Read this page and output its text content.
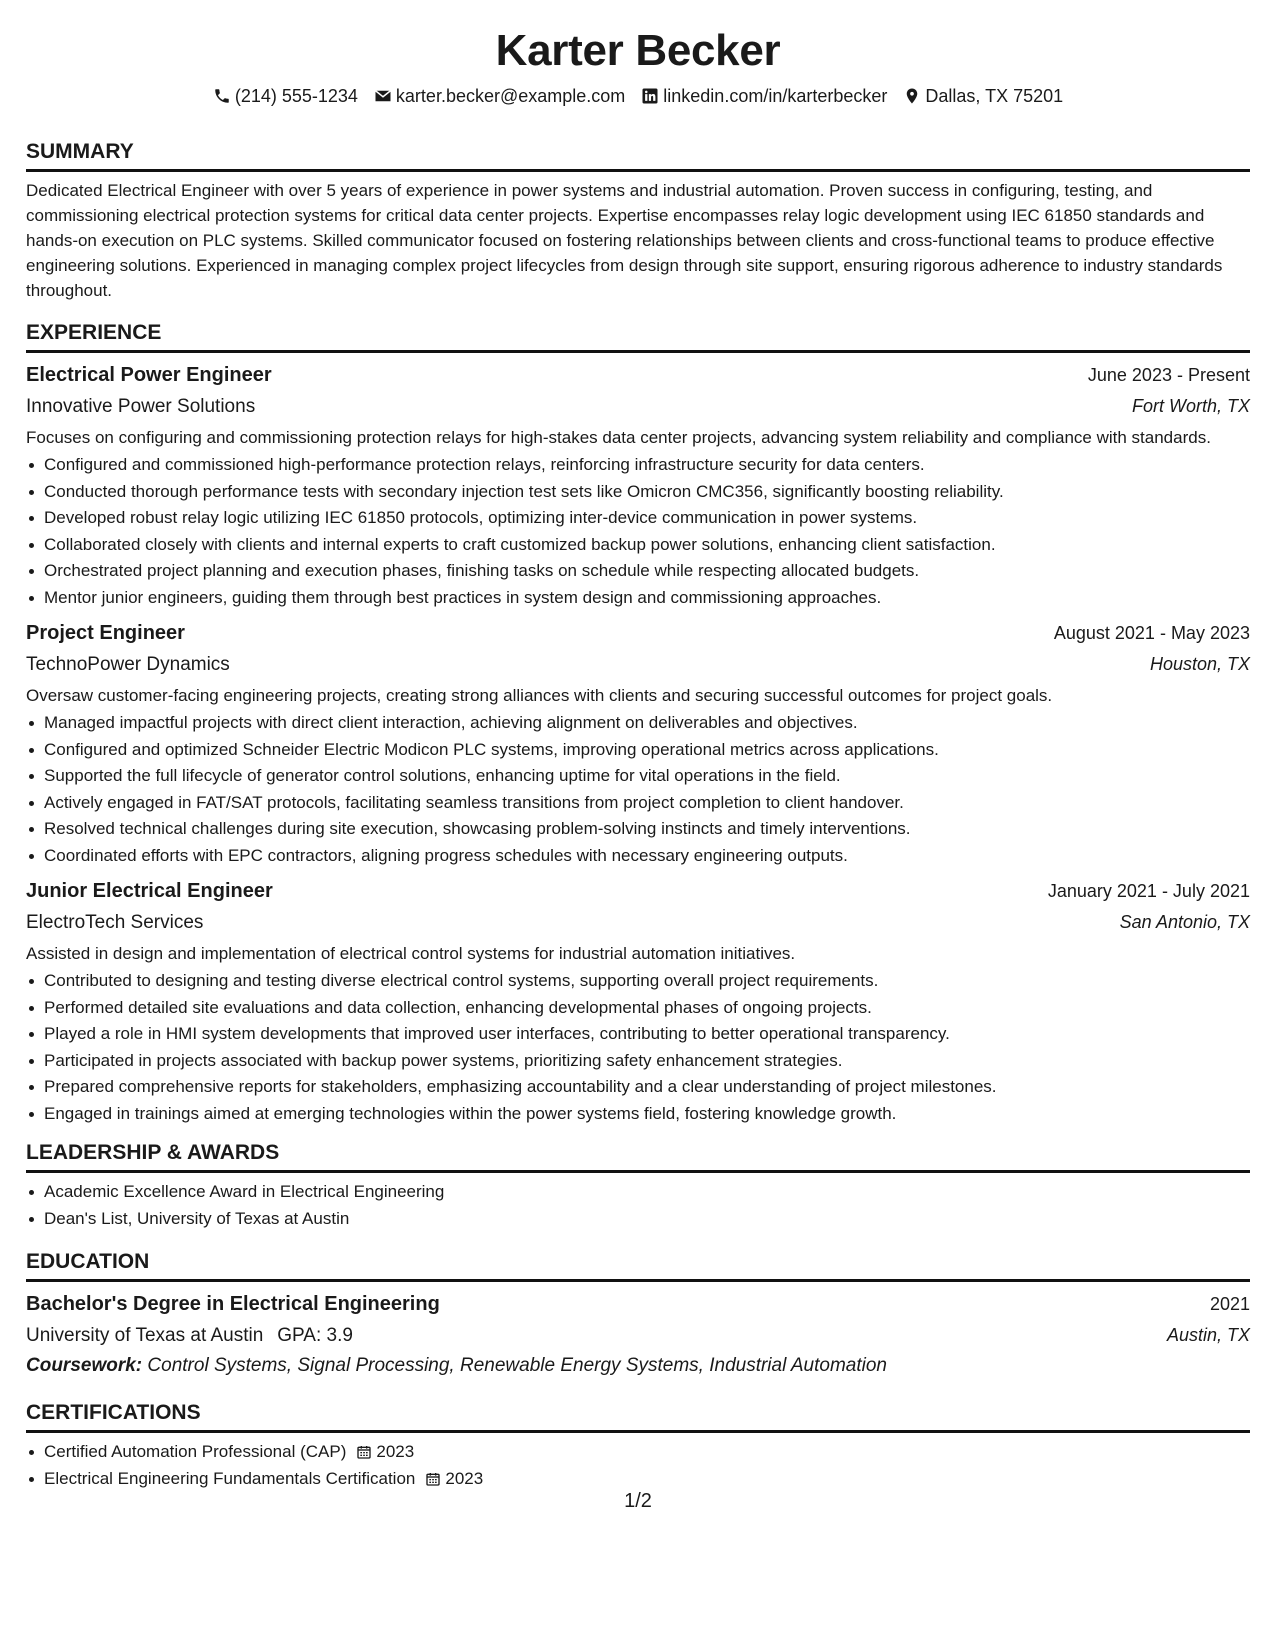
Karter Becker
(214) 555-1234 karter.becker@example.com linkedin.com/in/karterbecker Dallas, TX 75201
SUMMARY
Dedicated Electrical Engineer with over 5 years of experience in power systems and industrial automation. Proven success in configuring, testing, and commissioning electrical protection systems for critical data center projects. Expertise encompasses relay logic development using IEC 61850 standards and hands-on execution on PLC systems. Skilled communicator focused on fostering relationships between clients and cross-functional teams to produce effective engineering solutions. Experienced in managing complex project lifecycles from design through site support, ensuring rigorous adherence to industry standards throughout.
EXPERIENCE
Electrical Power Engineer	June 2023 - Present
Innovative Power Solutions	Fort Worth, TX
Focuses on configuring and commissioning protection relays for high-stakes data center projects, advancing system reliability and compliance with standards.
Configured and commissioned high-performance protection relays, reinforcing infrastructure security for data centers.
Conducted thorough performance tests with secondary injection test sets like Omicron CMC356, significantly boosting reliability.
Developed robust relay logic utilizing IEC 61850 protocols, optimizing inter-device communication in power systems.
Collaborated closely with clients and internal experts to craft customized backup power solutions, enhancing client satisfaction.
Orchestrated project planning and execution phases, finishing tasks on schedule while respecting allocated budgets.
Mentor junior engineers, guiding them through best practices in system design and commissioning approaches.
Project Engineer	August 2021 - May 2023
TechnoPower Dynamics	Houston, TX
Oversaw customer-facing engineering projects, creating strong alliances with clients and securing successful outcomes for project goals.
Managed impactful projects with direct client interaction, achieving alignment on deliverables and objectives.
Configured and optimized Schneider Electric Modicon PLC systems, improving operational metrics across applications.
Supported the full lifecycle of generator control solutions, enhancing uptime for vital operations in the field.
Actively engaged in FAT/SAT protocols, facilitating seamless transitions from project completion to client handover.
Resolved technical challenges during site execution, showcasing problem-solving instincts and timely interventions.
Coordinated efforts with EPC contractors, aligning progress schedules with necessary engineering outputs.
Junior Electrical Engineer	January 2021 - July 2021
ElectroTech Services	San Antonio, TX
Assisted in design and implementation of electrical control systems for industrial automation initiatives.
Contributed to designing and testing diverse electrical control systems, supporting overall project requirements.
Performed detailed site evaluations and data collection, enhancing developmental phases of ongoing projects.
Played a role in HMI system developments that improved user interfaces, contributing to better operational transparency.
Participated in projects associated with backup power systems, prioritizing safety enhancement strategies.
Prepared comprehensive reports for stakeholders, emphasizing accountability and a clear understanding of project milestones.
Engaged in trainings aimed at emerging technologies within the power systems field, fostering knowledge growth.
LEADERSHIP & AWARDS
Academic Excellence Award in Electrical Engineering
Dean's List, University of Texas at Austin
EDUCATION
Bachelor's Degree in Electrical Engineering	2021
University of Texas at Austin GPA: 3.9	Austin, TX
Coursework: Control Systems, Signal Processing, Renewable Energy Systems, Industrial Automation
CERTIFICATIONS
Certified Automation Professional (CAP) 2023
Electrical Engineering Fundamentals Certification 2023
1/2
